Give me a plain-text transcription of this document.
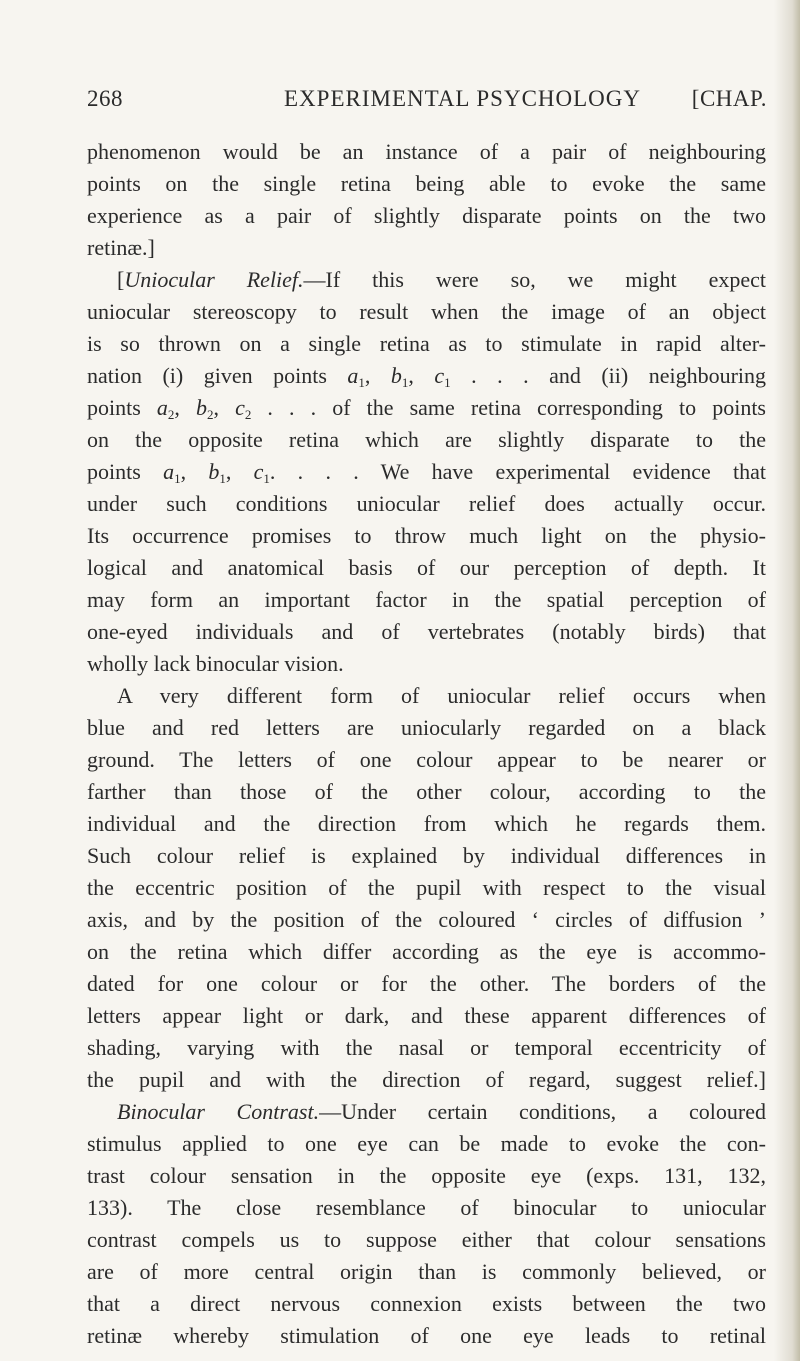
268	EXPERIMENTAL PSYCHOLOGY [CHAP.
phenomenon would be an instance of a pair of neighbouring
points on the single retina being able to evoke the same
experience as a pair of slightly disparate points on the two
retinæ.]
[Uniocular Relief.—If this were so, we might expect
uniocular stereoscopy to result when the image of an object
is so thrown on a single retina as to stimulate in rapid alter-
nation (i) given points $a_1$, $b_1$, $c_1$ . . . and (ii) neighbouring
points $a_2$, $b_2$, $c_2$ . . . of the same retina corresponding to points
on the opposite retina which are slightly disparate to the
points $a_1$, $b_1$, $c_1$. . . . We have experimental evidence that
under such conditions uniocular relief does actually occur.
Its occurrence promises to throw much light on the physio-
logical and anatomical basis of our perception of depth. It
may form an important factor in the spatial perception of
one-eyed individuals and of vertebrates (notably birds) that
wholly lack binocular vision.
A very different form of uniocular relief occurs when
blue and red letters are uniocularly regarded on a black
ground. The letters of one colour appear to be nearer or
farther than those of the other colour, according to the
individual and the direction from which he regards them.
Such colour relief is explained by individual differences in
the eccentric position of the pupil with respect to the visual
axis, and by the position of the coloured ‘ circles of diffusion ’
on the retina which differ according as the eye is accommo-
dated for one colour or for the other. The borders of the
letters appear light or dark, and these apparent differences of
shading, varying with the nasal or temporal eccentricity of
the pupil and with the direction of regard, suggest relief.]
Binocular Contrast.—Under certain conditions, a coloured
stimulus applied to one eye can be made to evoke the con-
trast colour sensation in the opposite eye (exps. 131, 132,
133). The close resemblance of binocular to uniocular
contrast compels us to suppose either that colour sensations
are of more central origin than is commonly believed, or
that a direct nervous connexion exists between the two
retinæ whereby stimulation of one eye leads to retinal
